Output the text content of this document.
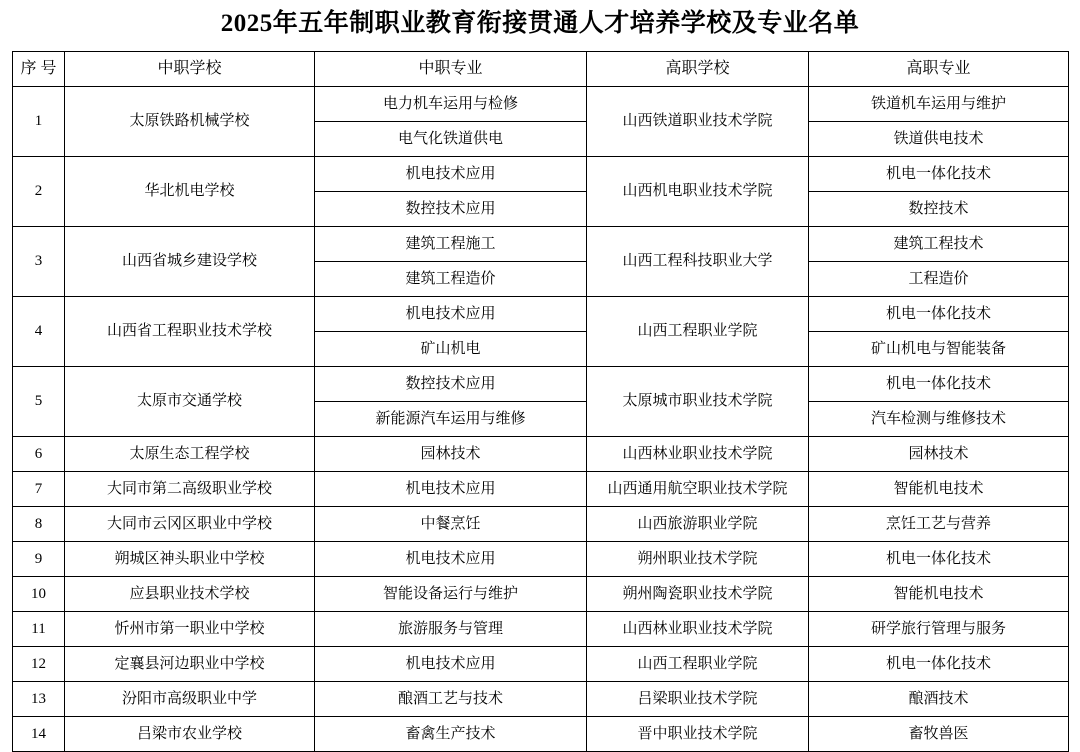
2025年五年制职业教育衔接贯通人才培养学校及专业名单
序 号	中职学校	中职专业	高职学校	高职专业
1	太原铁路机械学校	电力机车运用与检修	山西铁道职业技术学院	铁道机车运用与维护
		电气化铁道供电		铁道供电技术
2	华北机电学校	机电技术应用	山西机电职业技术学院	机电一体化技术
		数控技术应用		数控技术
3	山西省城乡建设学校	建筑工程施工	山西工程科技职业大学	建筑工程技术
		建筑工程造价		工程造价
4	山西省工程职业技术学校	机电技术应用	山西工程职业学院	机电一体化技术
		矿山机电		矿山机电与智能装备
5	太原市交通学校	数控技术应用	太原城市职业技术学院	机电一体化技术
		新能源汽车运用与维修		汽车检测与维修技术
6	太原生态工程学校	园林技术	山西林业职业技术学院	园林技术
7	大同市第二高级职业学校	机电技术应用	山西通用航空职业技术学院	智能机电技术
8	大同市云冈区职业中学校	中餐烹饪	山西旅游职业学院	烹饪工艺与营养
9	朔城区神头职业中学校	机电技术应用	朔州职业技术学院	机电一体化技术
10	应县职业技术学校	智能设备运行与维护	朔州陶瓷职业技术学院	智能机电技术
11	忻州市第一职业中学校	旅游服务与管理	山西林业职业技术学院	研学旅行管理与服务
12	定襄县河边职业中学校	机电技术应用	山西工程职业学院	机电一体化技术
13	汾阳市高级职业中学	酿酒工艺与技术	吕梁职业技术学院	酿酒技术
14	吕梁市农业学校	畜禽生产技术	晋中职业技术学院	畜牧兽医
